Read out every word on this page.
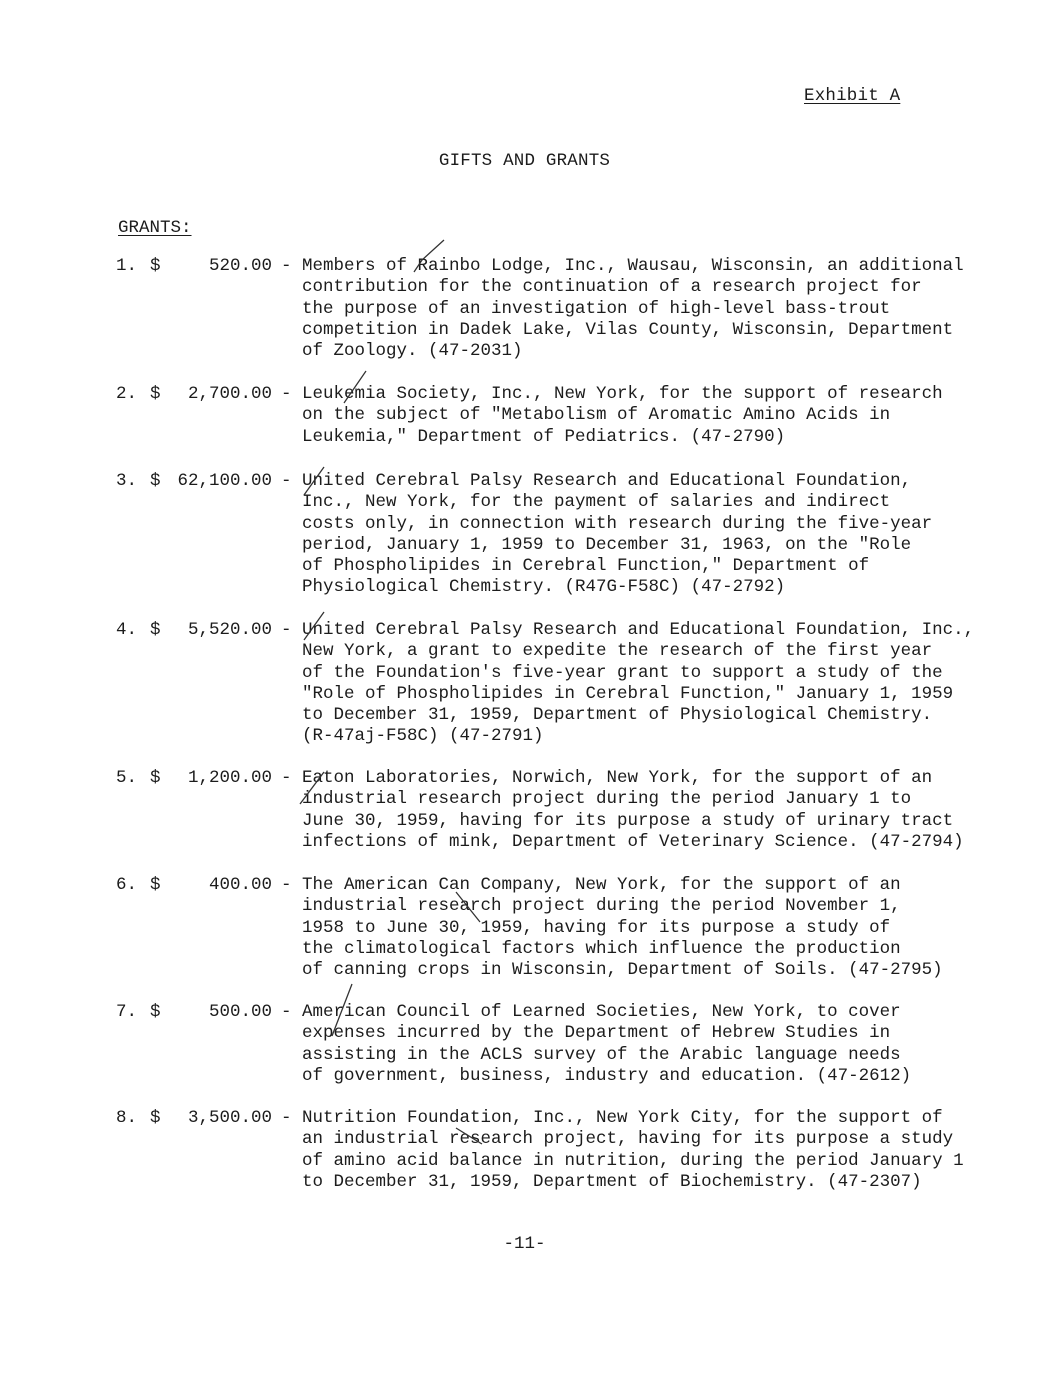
Exhibit A
GIFTS AND GRANTS
GRANTS:
1. $	520.00 - Members of Rainbo Lodge, Inc., Wausau, Wisconsin, an additional
contribution for the continuation of a research project for
the purpose of an investigation of high-level bass-trout
competition in Dadek Lake, Vilas County, Wisconsin, Department
of Zoology. (47-2031)
2. $	2,700.00 - Leukemia Society, Inc., New York, for the support of research
on the subject of "Metabolism of Aromatic Amino Acids in
Leukemia," Department of Pediatrics. (47-2790)
3. $ 62,100.00 - United Cerebral Palsy Research and Educational Foundation,
Inc., New York, for the payment of salaries and indirect
costs only, in connection with research during the five-year
period, January 1, 1959 to December 31, 1963, on the "Role
of Phospholipides in Cerebral Function," Department of
Physiological Chemistry. (R47G-F58C) (47-2792)
4. $	5,520.00 - United Cerebral Palsy Research and Educational Foundation, Inc.,
New York, a grant to expedite the research of the first year
of the Foundation's five-year grant to support a study of the
"Role of Phospholipides in Cerebral Function," January 1, 1959
to December 31, 1959, Department of Physiological Chemistry.
(R-47aj-F58C) (47-2791)
5. $	1,200.00 - Eaton Laboratories, Norwich, New York, for the support of an
industrial research project during the period January 1 to
June 30, 1959, having for its purpose a study of urinary tract
infections of mink, Department of Veterinary Science. (47-2794)
6. $	400.00 - The American Can Company, New York, for the support of an
industrial research project during the period November 1,
1958 to June 30, 1959, having for its purpose a study of
the climatological factors which influence the production
of canning crops in Wisconsin, Department of Soils. (47-2795)
7. $	500.00 - American Council of Learned Societies, New York, to cover
expenses incurred by the Department of Hebrew Studies in
assisting in the ACLS survey of the Arabic language needs
of government, business, industry and education. (47-2612)
8. $	3,500.00 - Nutrition Foundation, Inc., New York City, for the support of
an industrial research project, having for its purpose a study
of amino acid balance in nutrition, during the period January 1
to December 31, 1959, Department of Biochemistry. (47-2307)
-11-
